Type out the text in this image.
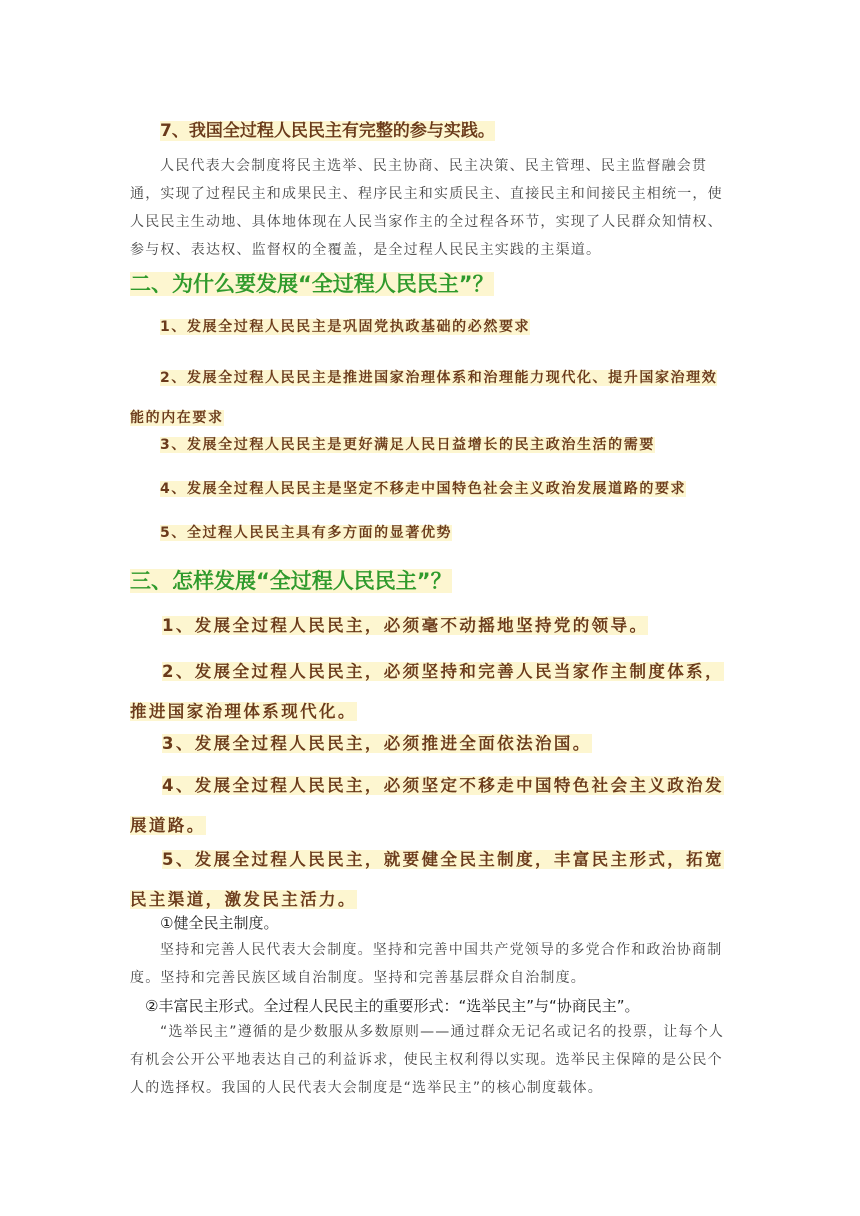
7、我国全过程人民民主有完整的参与实践。
人民代表大会制度将民主选举、民主协商、民主决策、民主管理、民主监督融会贯通，实现了过程民主和成果民主、程序民主和实质民主、直接民主和间接民主相统一，使人民民主生动地、具体地体现在人民当家作主的全过程各环节，实现了人民群众知情权、参与权、表达权、监督权的全覆盖，是全过程人民民主实践的主渠道。
二、为什么要发展“全过程人民民主”？
1、发展全过程人民民主是巩固党执政基础的必然要求
2、发展全过程人民民主是推进国家治理体系和治理能力现代化、提升国家治理效能的内在要求
3、发展全过程人民民主是更好满足人民日益增长的民主政治生活的需要
4、发展全过程人民民主是坚定不移走中国特色社会主义政治发展道路的要求
5、全过程人民民主具有多方面的显著优势
三、怎样发展“全过程人民民主”？
1、发展全过程人民民主，必须毫不动摇地坚持党的领导。
2、发展全过程人民民主，必须坚持和完善人民当家作主制度体系，推进国家治理体系现代化。
3、发展全过程人民民主，必须推进全面依法治国。
4、发展全过程人民民主，必须坚定不移走中国特色社会主义政治发展道路。
5、发展全过程人民民主，就要健全民主制度，丰富民主形式，拓宽民主渠道，激发民主活力。
①健全民主制度。
坚持和完善人民代表大会制度。坚持和完善中国共产党领导的多党合作和政治协商制度。坚持和完善民族区域自治制度。坚持和完善基层群众自治制度。
②丰富民主形式。全过程人民民主的重要形式：“选举民主”与“协商民主”。
“选举民主”遵循的是少数服从多数原则——通过群众无记名或记名的投票，让每个人有机会公开公平地表达自己的利益诉求，使民主权利得以实现。选举民主保障的是公民个人的选择权。我国的人民代表大会制度是“选举民主”的核心制度载体。
